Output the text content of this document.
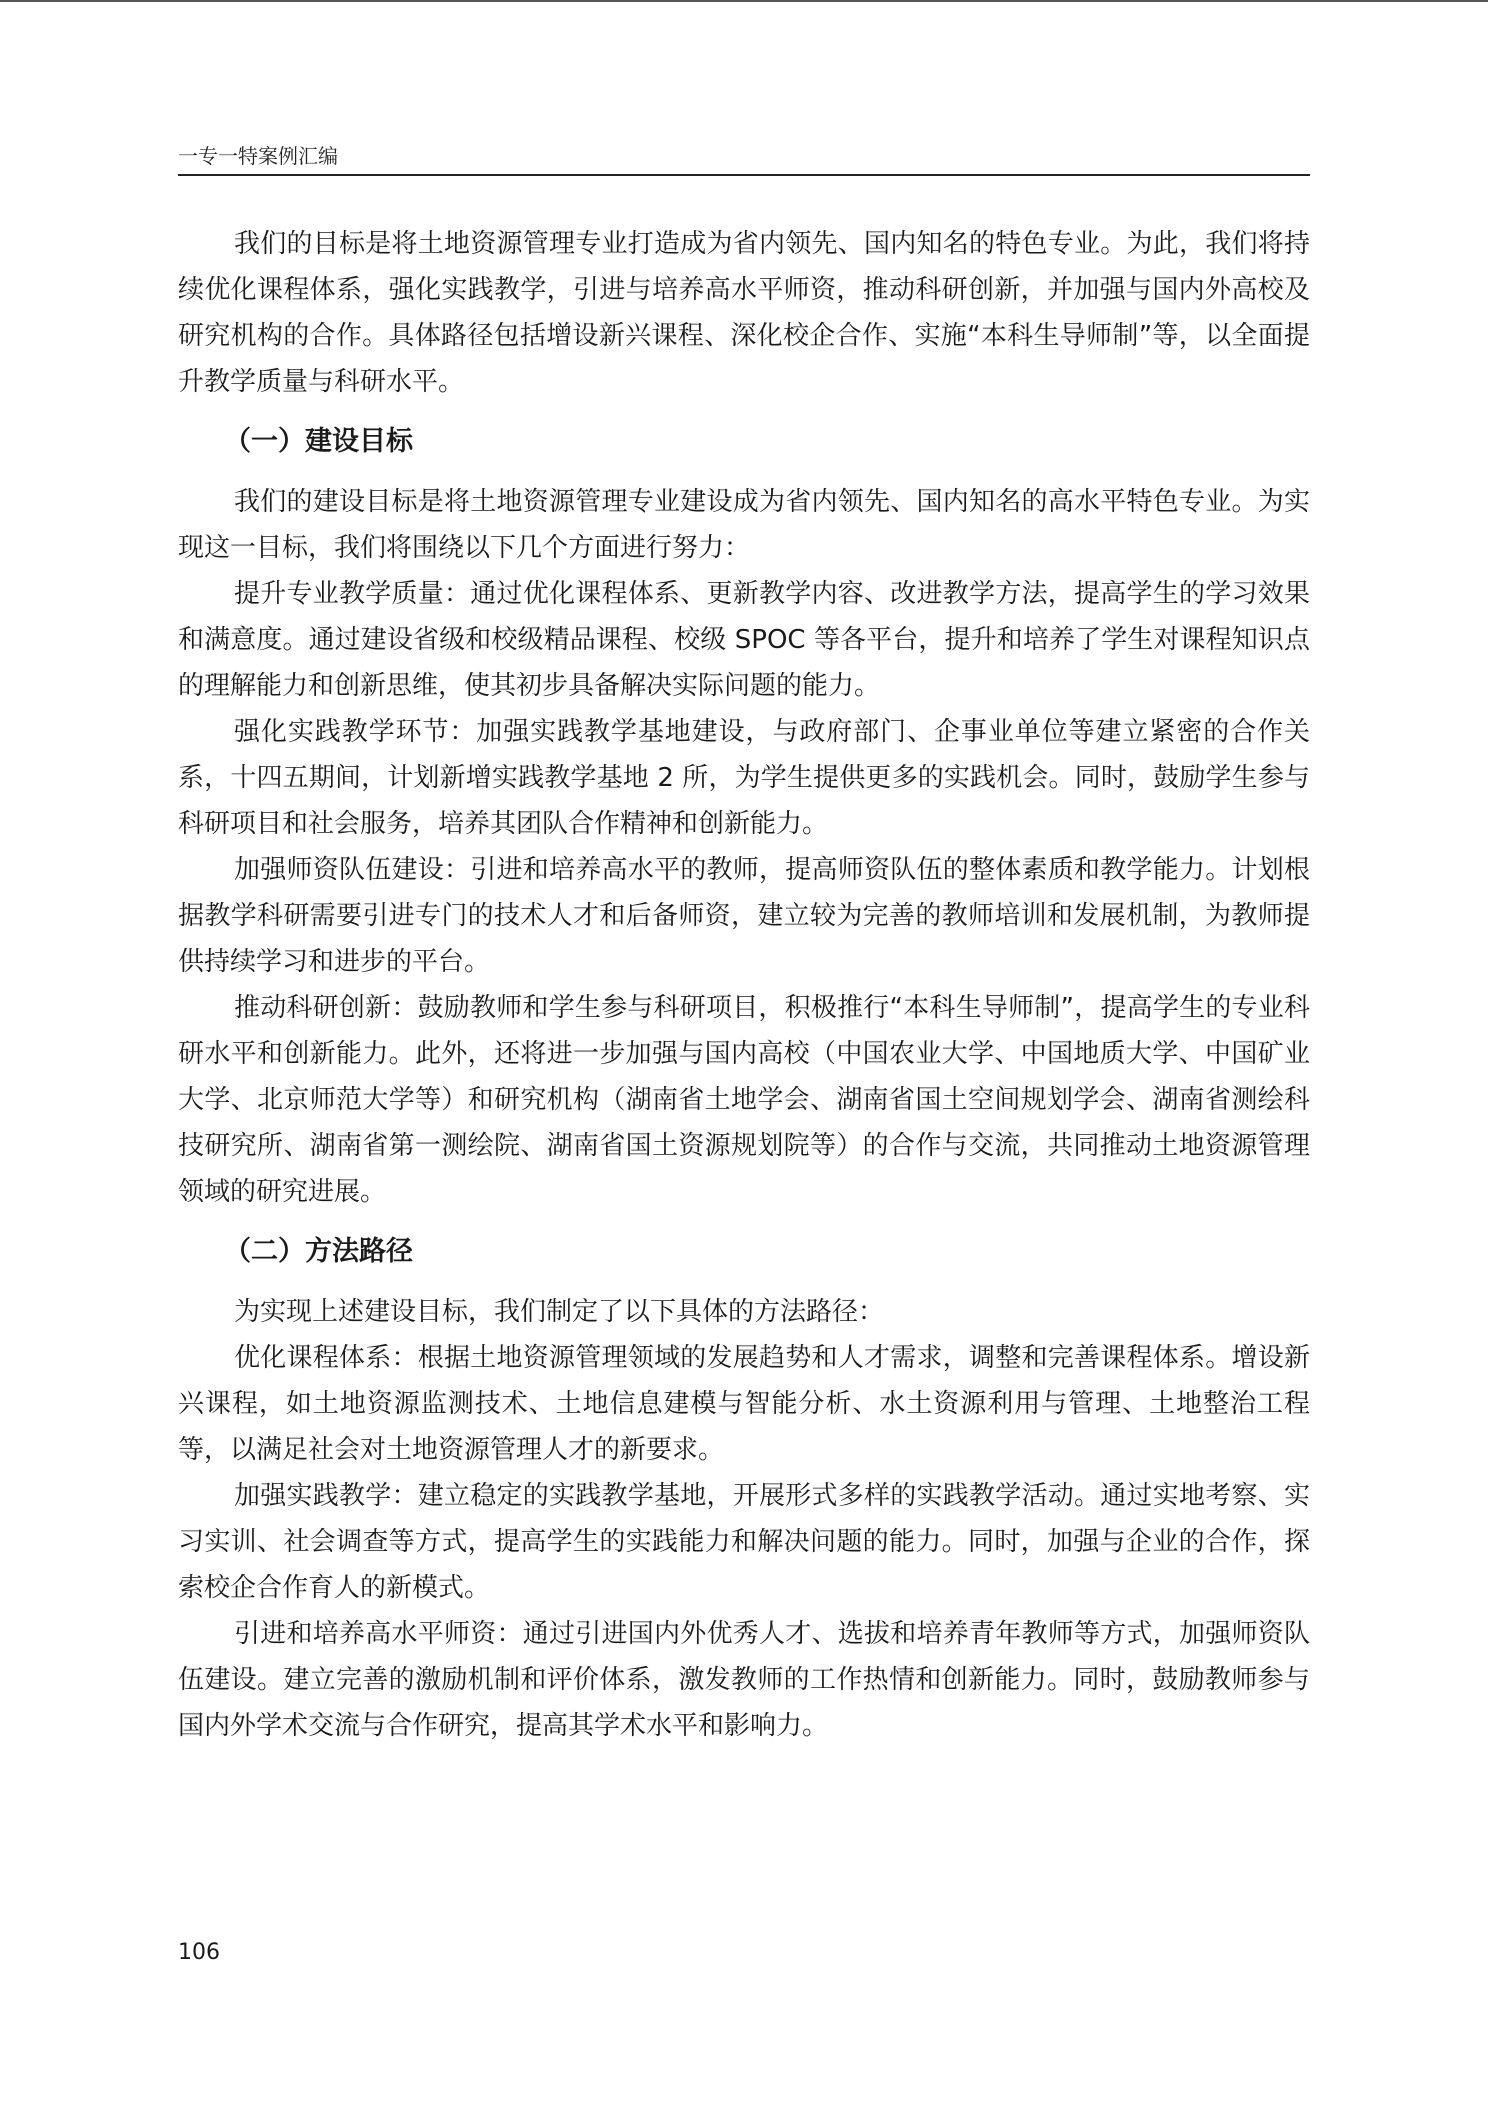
一专一特案例汇编

我们的目标是将土地资源管理专业打造成为省内领先、国内知名的特色专业。为此，我们将持续优化课程体系，强化实践教学，引进与培养高水平师资，推动科研创新，并加强与国内外高校及研究机构的合作。具体路径包括增设新兴课程、深化校企合作、实施“本科生导师制”等，以全面提升教学质量与科研水平。

（一）建设目标

我们的建设目标是将土地资源管理专业建设成为省内领先、国内知名的高水平特色专业。为实现这一目标，我们将围绕以下几个方面进行努力：

提升专业教学质量：通过优化课程体系、更新教学内容、改进教学方法，提高学生的学习效果和满意度。通过建设省级和校级精品课程、校级 SPOC 等各平台，提升和培养了学生对课程知识点的理解能力和创新思维，使其初步具备解决实际问题的能力。

强化实践教学环节：加强实践教学基地建设，与政府部门、企事业单位等建立紧密的合作关系，十四五期间，计划新增实践教学基地 2 所，为学生提供更多的实践机会。同时，鼓励学生参与科研项目和社会服务，培养其团队合作精神和创新能力。

加强师资队伍建设：引进和培养高水平的教师，提高师资队伍的整体素质和教学能力。计划根据教学科研需要引进专门的技术人才和后备师资，建立较为完善的教师培训和发展机制，为教师提供持续学习和进步的平台。

推动科研创新：鼓励教师和学生参与科研项目，积极推行“本科生导师制”，提高学生的专业科研水平和创新能力。此外，还将进一步加强与国内高校（中国农业大学、中国地质大学、中国矿业大学、北京师范大学等）和研究机构（湖南省土地学会、湖南省国土空间规划学会、湖南省测绘科技研究所、湖南省第一测绘院、湖南省国土资源规划院等）的合作与交流，共同推动土地资源管理领域的研究进展。

（二）方法路径

为实现上述建设目标，我们制定了以下具体的方法路径：

优化课程体系：根据土地资源管理领域的发展趋势和人才需求，调整和完善课程体系。增设新兴课程，如土地资源监测技术、土地信息建模与智能分析、水土资源利用与管理、土地整治工程等，以满足社会对土地资源管理人才的新要求。

加强实践教学：建立稳定的实践教学基地，开展形式多样的实践教学活动。通过实地考察、实习实训、社会调查等方式，提高学生的实践能力和解决问题的能力。同时，加强与企业的合作，探索校企合作育人的新模式。

引进和培养高水平师资：通过引进国内外优秀人才、选拔和培养青年教师等方式，加强师资队伍建设。建立完善的激励机制和评价体系，激发教师的工作热情和创新能力。同时，鼓励教师参与国内外学术交流与合作研究，提高其学术水平和影响力。

106
